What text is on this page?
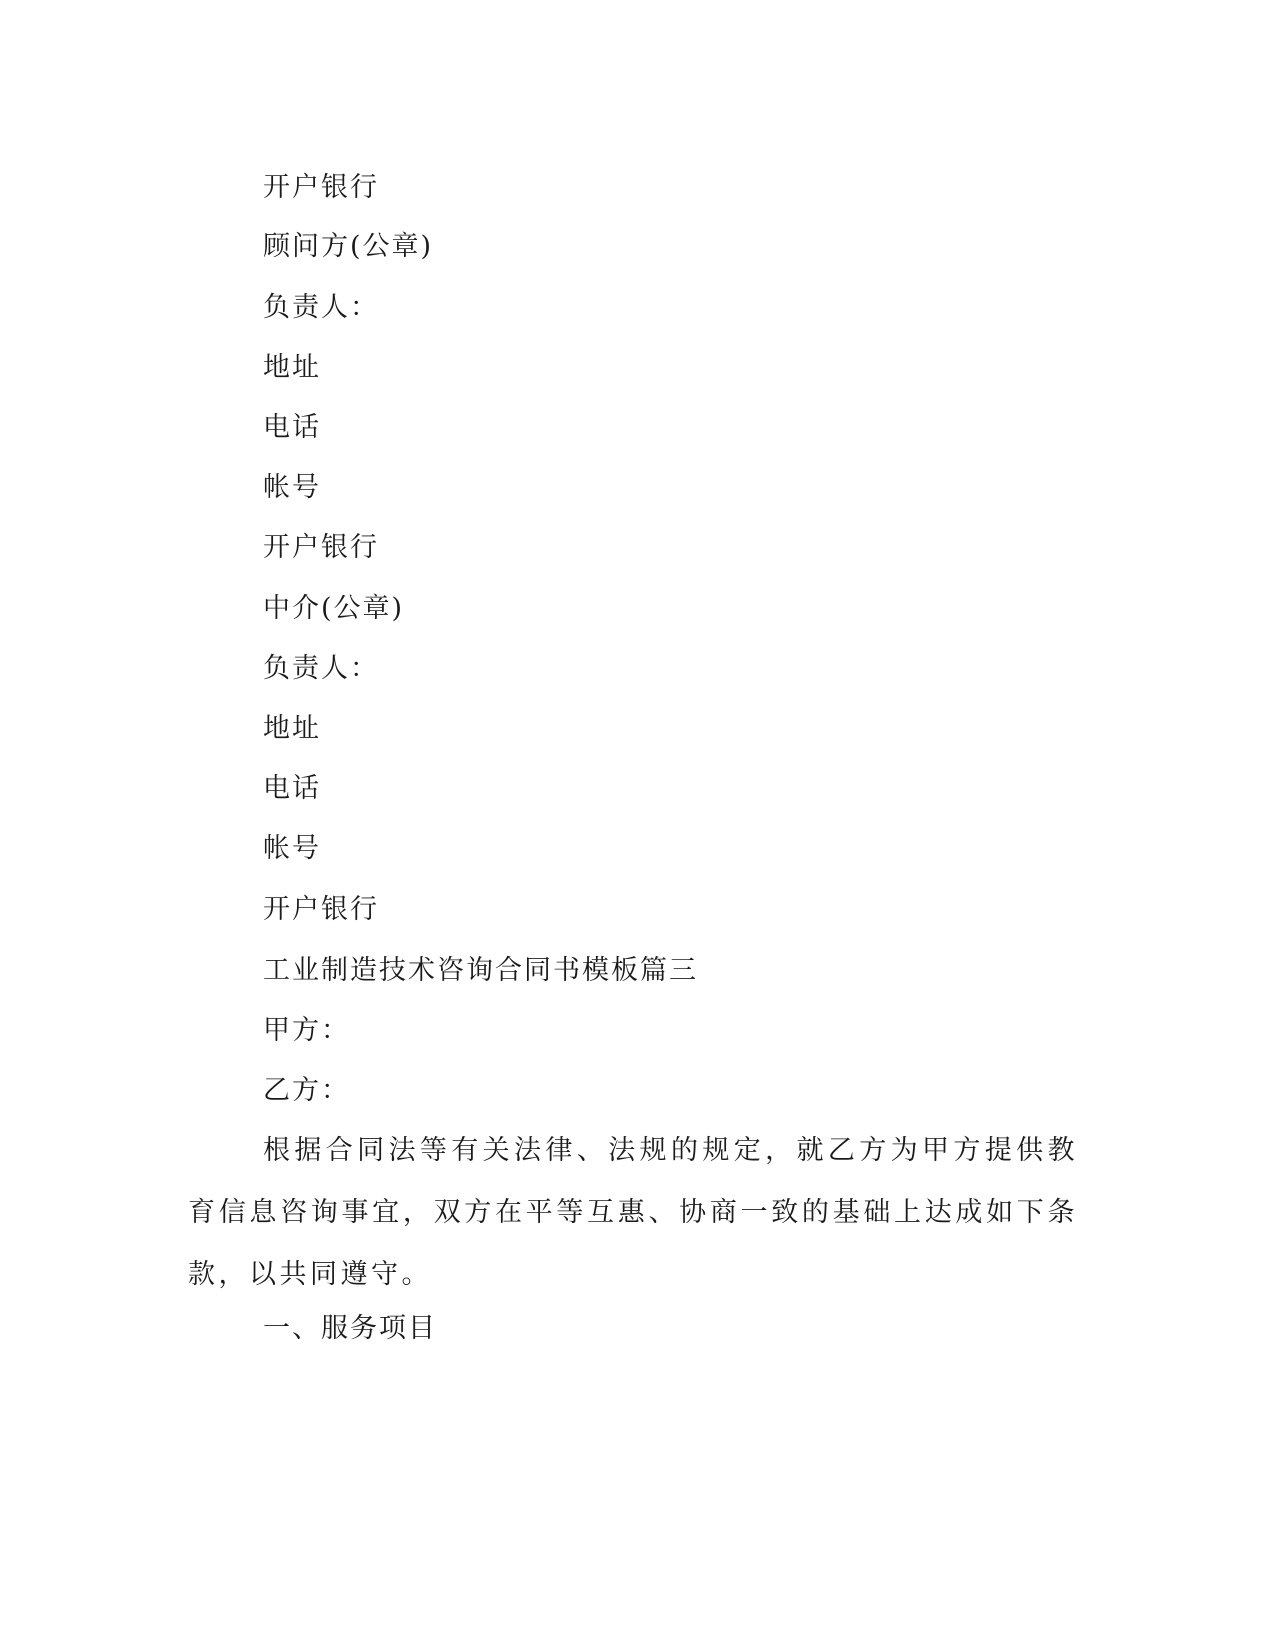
开户银行
顾问方(公章)
负责人：
地址
电话
帐号
开户银行
中介(公章)
负责人：
地址
电话
帐号
开户银行
工业制造技术咨询合同书模板篇三
甲方：
乙方：
根据合同法等有关法律、法规的规定，就乙方为甲方提供教育信息咨询事宜，双方在平等互惠、协商一致的基础上达成如下条款，以共同遵守。
一、服务项目
